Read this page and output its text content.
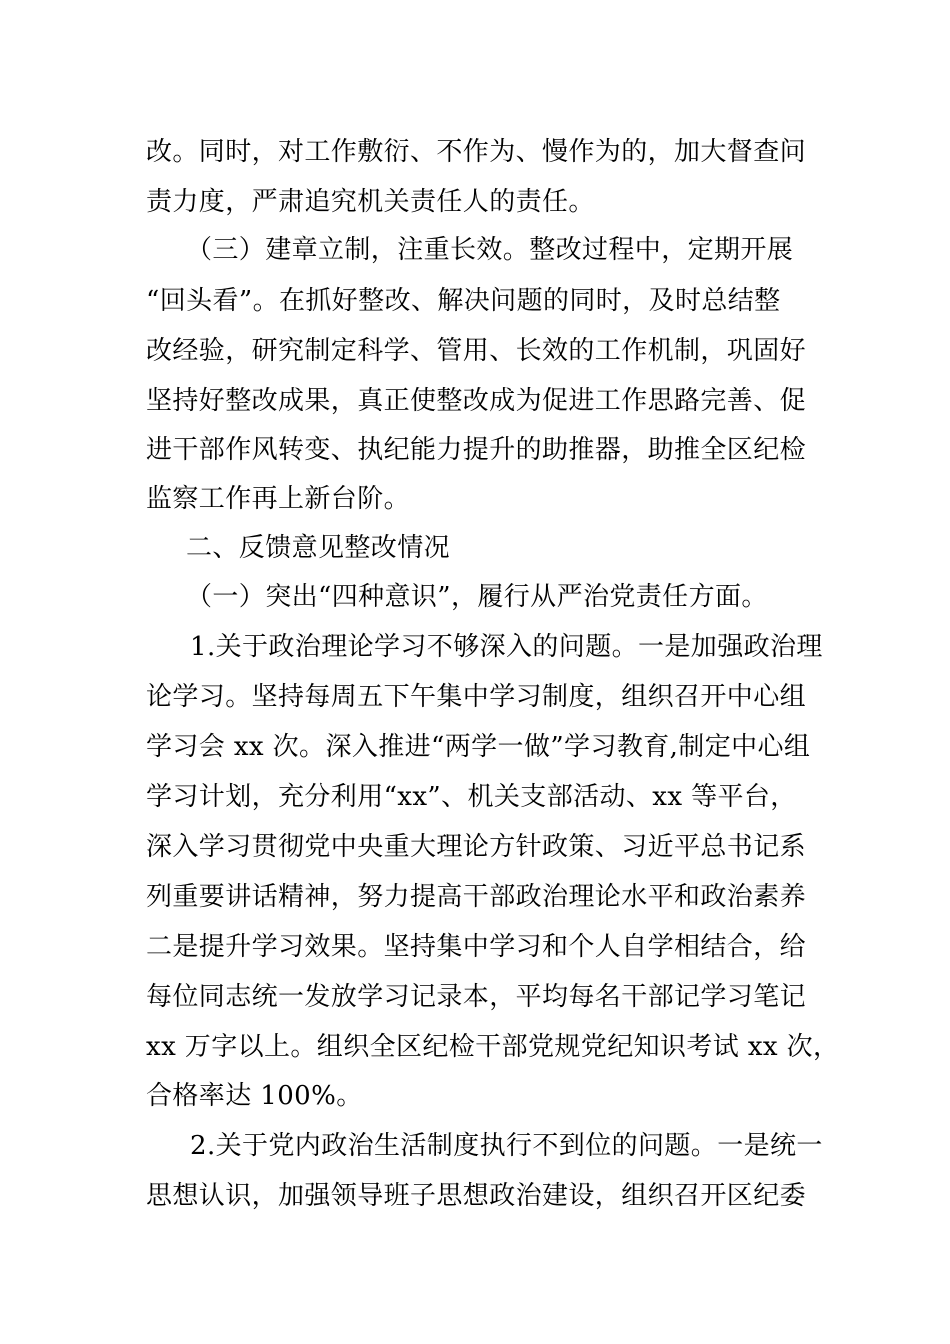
改。同时，对工作敷衍、不作为、慢作为的，加大督查问
责力度，严肃追究机关责任人的责任。
（三）建章立制，注重长效。整改过程中，定期开展
“回头看”。在抓好整改、解决问题的同时，及时总结整
改经验，研究制定科学、管用、长效的工作机制，巩固好
坚持好整改成果，真正使整改成为促进工作思路完善、促
进干部作风转变、执纪能力提升的助推器，助推全区纪检
监察工作再上新台阶。
二、反馈意见整改情况
（一）突出“四种意识”，履行从严治党责任方面。
1.关于政治理论学习不够深入的问题。一是加强政治理
论学习。坚持每周五下午集中学习制度，组织召开中心组
学习会 xx 次。深入推进“两学一做”学习教育,制定中心组
学习计划，充分利用“xx”、机关支部活动、xx 等平台，
深入学习贯彻党中央重大理论方针政策、习近平总书记系
列重要讲话精神，努力提高干部政治理论水平和政治素养
二是提升学习效果。坚持集中学习和个人自学相结合，给
每位同志统一发放学习记录本，平均每名干部记学习笔记
xx 万字以上。组织全区纪检干部党规党纪知识考试 xx 次，
合格率达 100%。
2.关于党内政治生活制度执行不到位的问题。一是统一
思想认识，加强领导班子思想政治建设，组织召开区纪委
